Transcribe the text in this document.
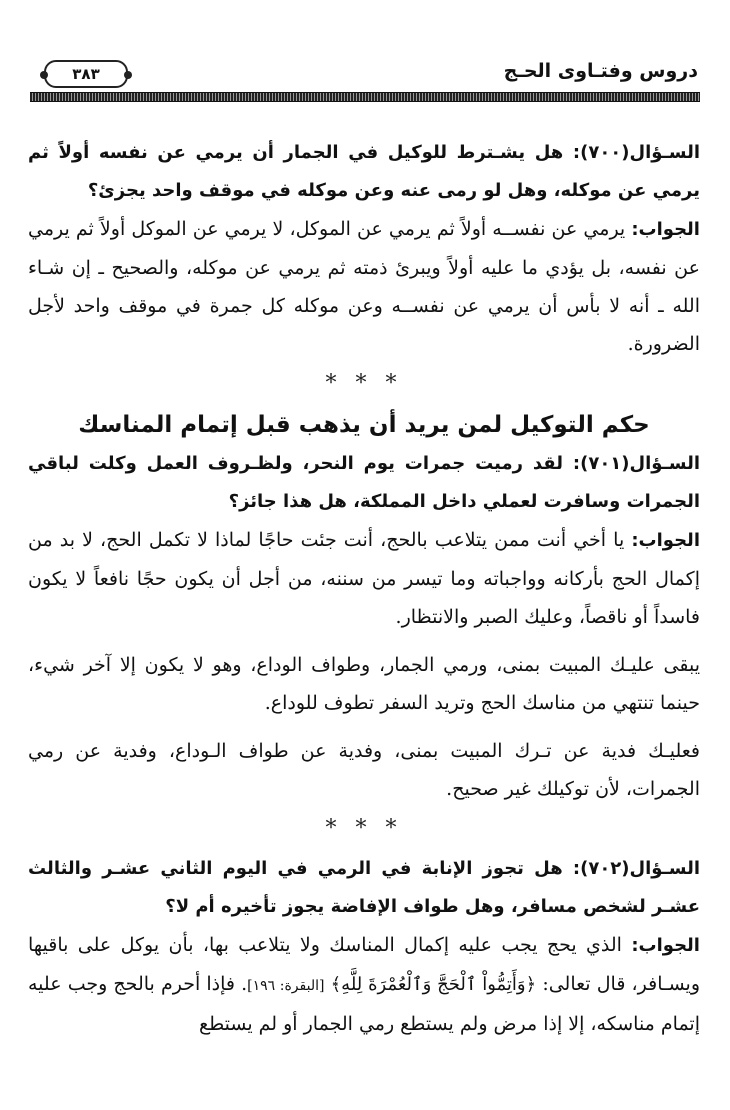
دروس وفتـاوى الحـج
٣٨٣

السـؤال(٧٠٠): هل يشـترط للوكيل في الجمار أن يرمي عن نفسه أولاً ثم يرمي عن موكله، وهل لو رمى عنه وعن موكله في موقف واحد يجزئ؟

الجواب: يرمي عن نفســه أولاً ثم يرمي عن الموكل، لا يرمي عن الموكل أولاً ثم يرمي عن نفسه، بل يؤدي ما عليه أولاً ويبرئ ذمته ثم يرمي عن موكله، والصحيح ـ إن شـاء الله ـ أنه لا بأس أن يرمي عن نفســه وعن موكله كل جمرة في موقف واحد لأجل الضرورة.

* * *

حكم التوكيل لمن يريد أن يذهب قبل إتمام المناسك

السـؤال(٧٠١): لقد رميت جمرات يوم النحر، ولظـروف العمل وكلت لباقي الجمرات وسافرت لعملي داخل المملكة، هل هذا جائز؟

الجواب: يا أخي أنت ممن يتلاعب بالحج، أنت جئت حاجًا لماذا لا تكمل الحج، لا بد من إكمال الحج بأركانه وواجباته وما تيسر من سننه، من أجل أن يكون حجًا نافعاً لا يكون فاسداً أو ناقصاً، وعليك الصبر والانتظار.

يبقى عليـك المبيت بمنى، ورمي الجمار، وطواف الوداع، وهو لا يكون إلا آخر شيء، حينما تنتهي من مناسك الحج وتريد السفر تطوف للوداع.

فعليـك فدية عن تـرك المبيت بمنى، وفدية عن طواف الـوداع، وفدية عن رمي الجمرات، لأن توكيلك غير صحيح.

* * *

السـؤال(٧٠٢): هل تجوز الإنابة في الرمي في اليوم الثاني عشـر والثالث عشـر لشخص مسافر، وهل طواف الإفاضة يجوز تأخيره أم لا؟

الجواب: الذي يحج يجب عليه إكمال المناسك ولا يتلاعب بها، بأن يوكل على باقيها ويسـافر، قال تعالى: ﴿وَأَتِمُّواْ ٱلْحَجَّ وَٱلْعُمْرَةَ لِلَّهِ﴾ [البقرة: ١٩٦]. فإذا أحرم بالحج وجب عليه إتمام مناسكه، إلا إذا مرض ولم يستطع رمي الجمار أو لم يستطع
